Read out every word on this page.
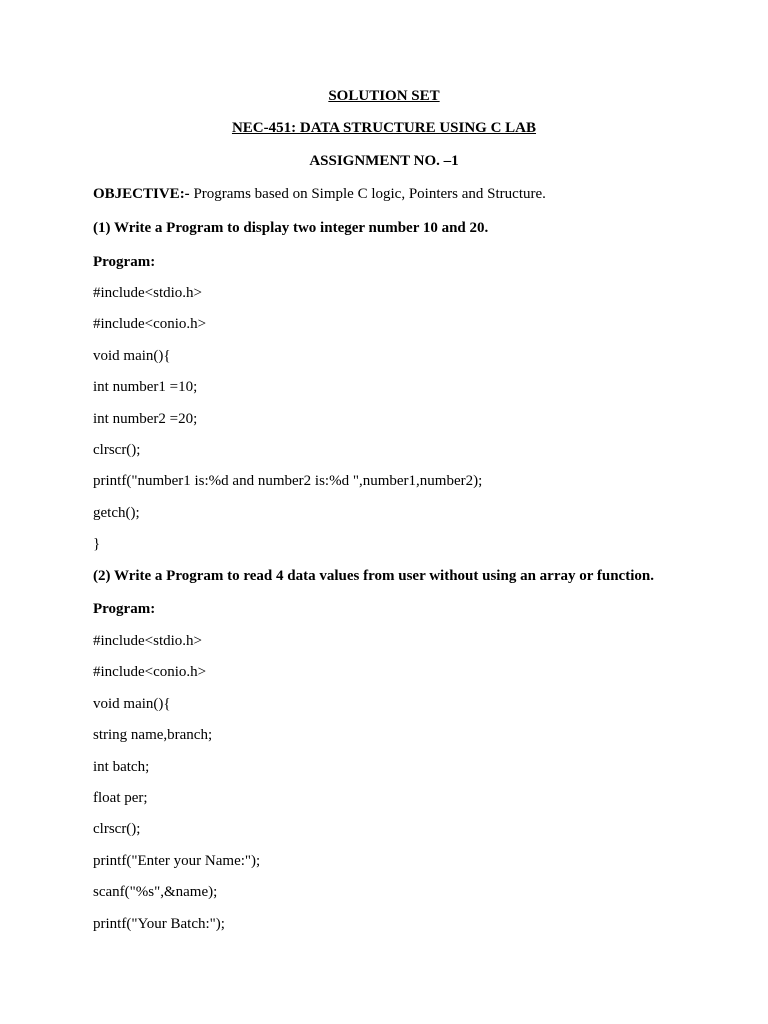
SOLUTION SET
NEC-451: DATA STRUCTURE USING C LAB
ASSIGNMENT NO. –1
OBJECTIVE:- Programs based on Simple C logic, Pointers and Structure.
(1) Write a Program to display two integer number 10 and 20.
Program:
#include<stdio.h>
#include<conio.h>
void main(){
int number1 =10;
int number2 =20;
clrscr();
printf("number1 is:%d and number2 is:%d ",number1,number2);
getch();
}
(2) Write a Program to read 4 data values from user without using an array or function.
Program:
#include<stdio.h>
#include<conio.h>
void main(){
string name,branch;
int batch;
float per;
clrscr();
printf("Enter your Name:");
scanf("%s",&name);
printf("Your Batch:");
